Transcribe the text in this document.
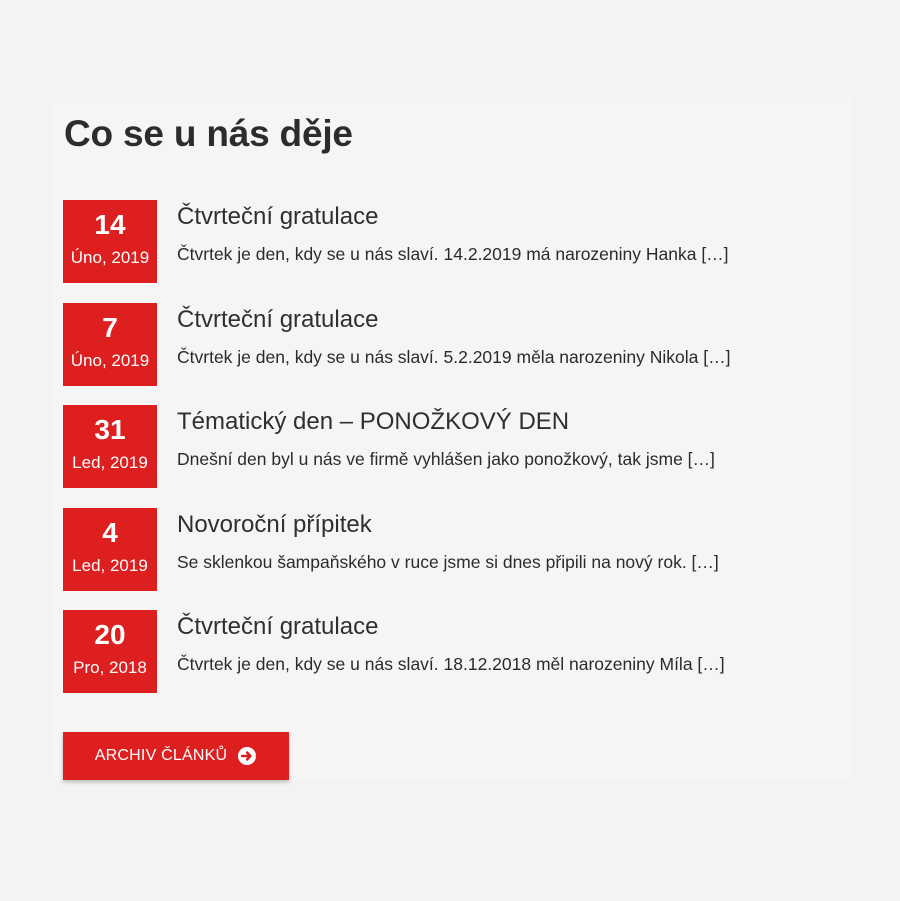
Co se u nás děje
14
Úno, 2019
Čtvrteční gratulace
Čtvrtek je den, kdy se u nás slaví. 14.2.2019 má narozeniny Hanka […]
7
Úno, 2019
Čtvrteční gratulace
Čtvrtek je den, kdy se u nás slaví. 5.2.2019 měla narozeniny Nikola […]
31
Led, 2019
Tématický den – PONOŽKOVÝ DEN
Dnešní den byl u nás ve firmě vyhlášen jako ponožkový, tak jsme […]
4
Led, 2019
Novoroční přípitek
Se sklenkou šampaňského v ruce jsme si dnes připili na nový rok. […]
20
Pro, 2018
Čtvrteční gratulace
Čtvrtek je den, kdy se u nás slaví. 18.12.2018 měl narozeniny Míla […]
ARCHIV ČLÁNKŮ
